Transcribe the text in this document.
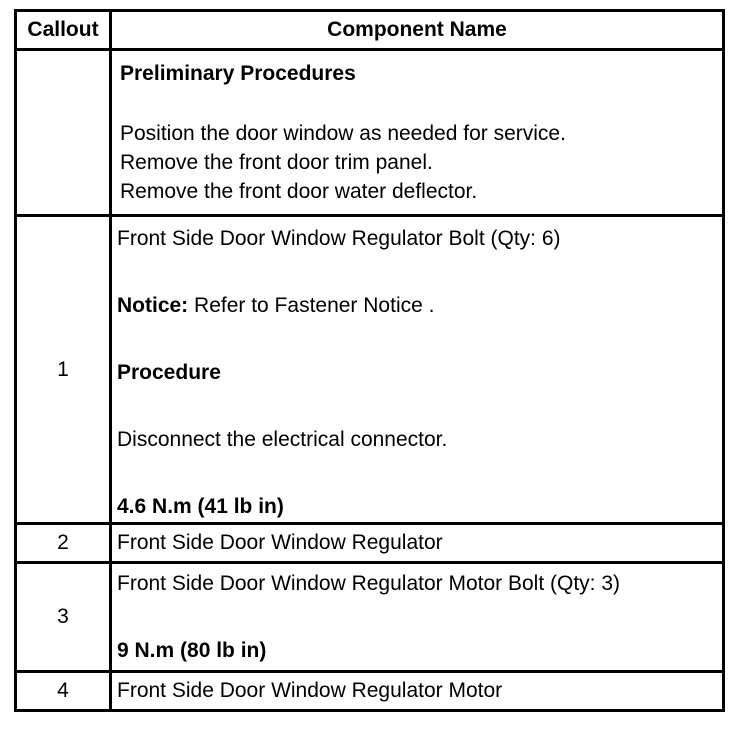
Callout	Component Name

	Preliminary Procedures
Position the door window as needed for service.
Remove the front door trim panel.
Remove the front door water deflector.

1	Front Side Door Window Regulator Bolt (Qty: 6)
Notice: Refer to Fastener Notice .
Procedure
Disconnect the electrical connector.
4.6 N.m (41 lb in)

2	Front Side Door Window Regulator
3	Front Side Door Window Regulator Motor Bolt (Qty: 3)
9 N.m (80 lb in)

4	Front Side Door Window Regulator Motor
